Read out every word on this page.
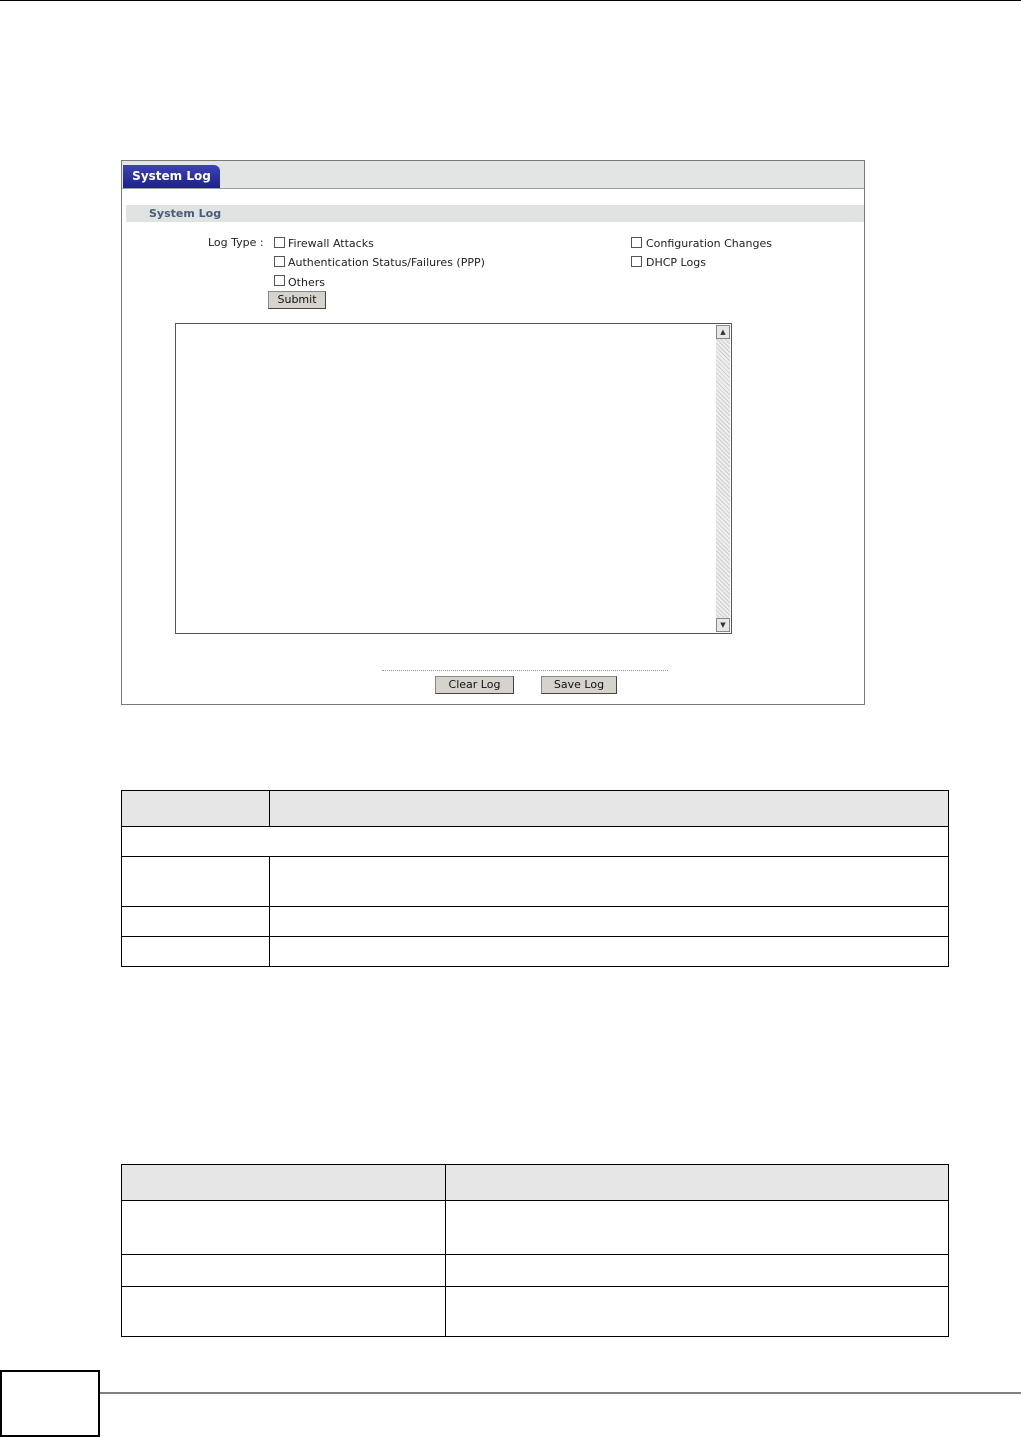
System Log
System Log
Log Type : Firewall Attacks
Authentication Status/Failures (PPP)
Others
Configuration Changes
DHCP Logs
Submit
▲
▼
Clear Log	Save Log
